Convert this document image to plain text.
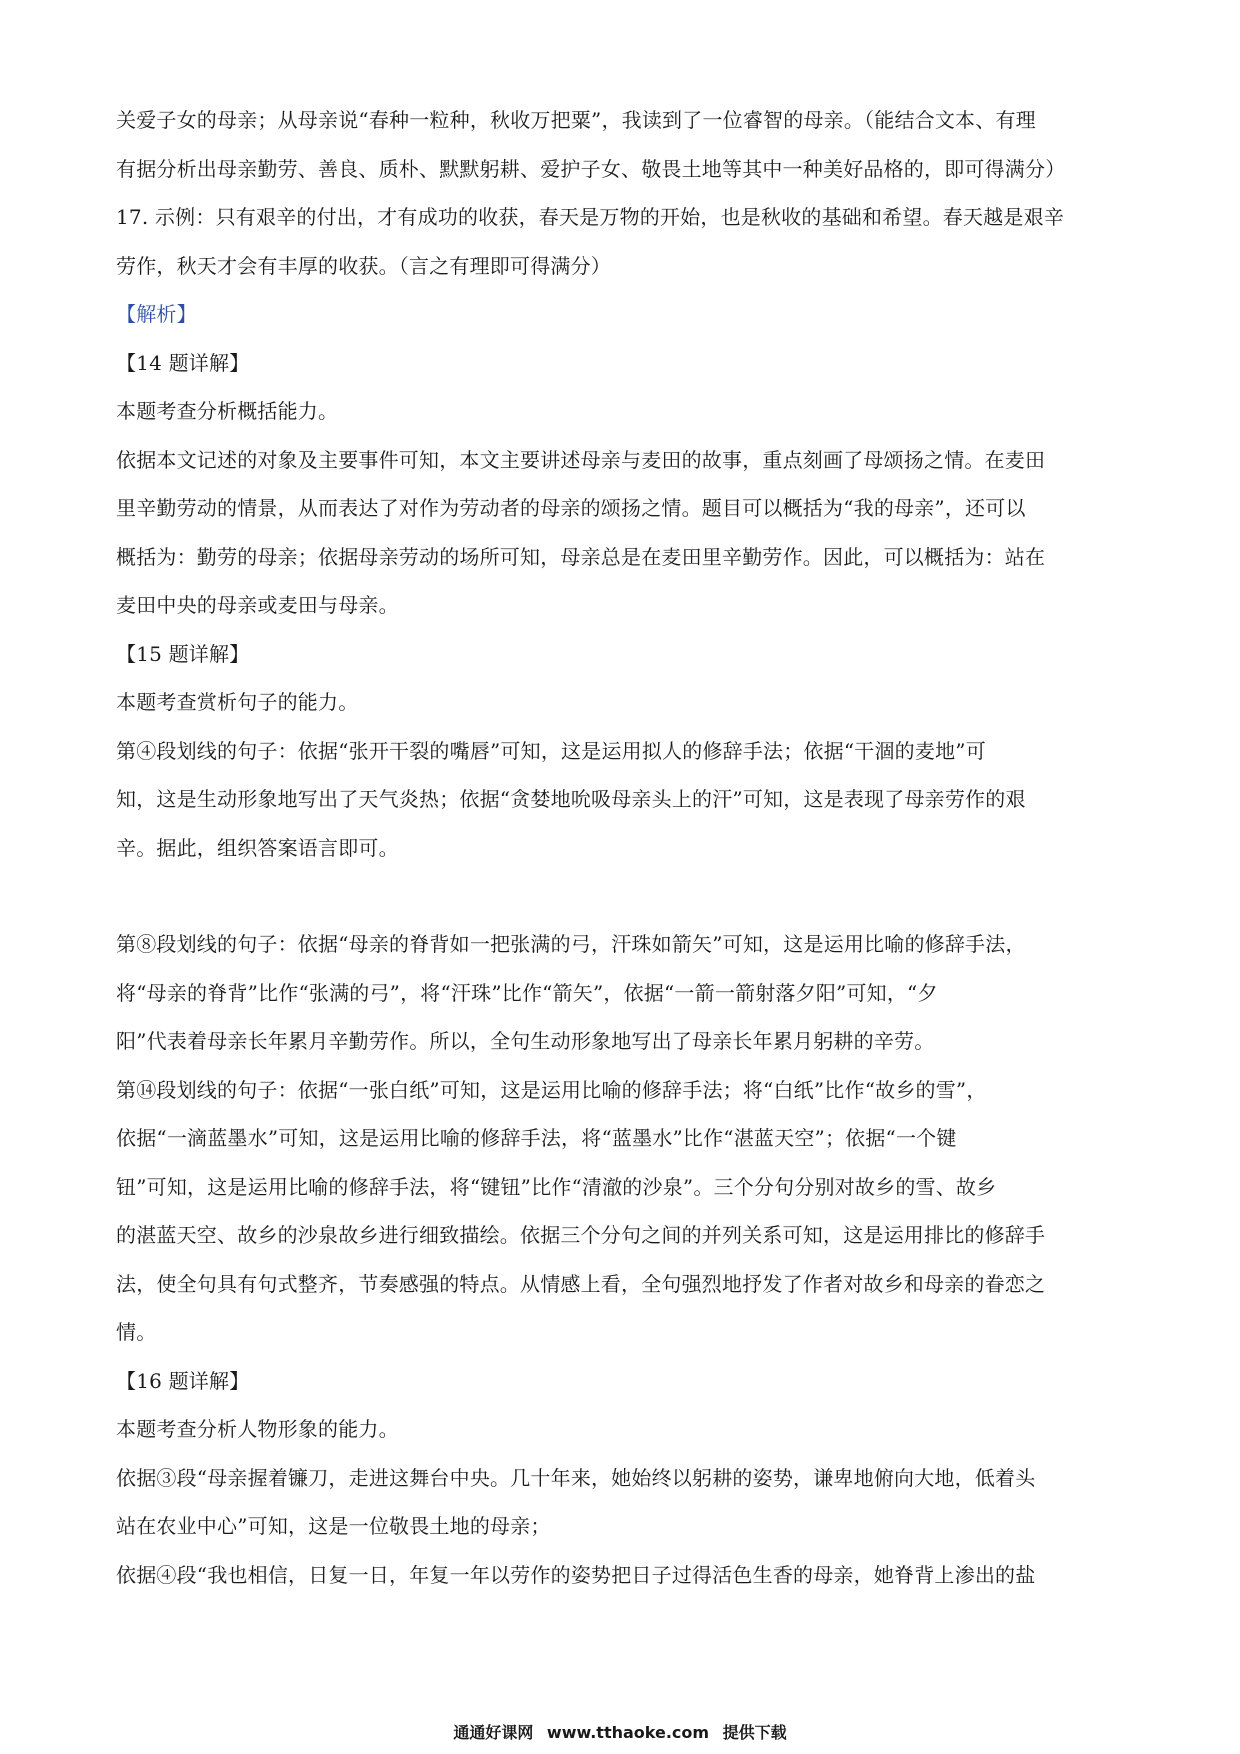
关爱子女的母亲；从母亲说“春种一粒种，秋收万把粟”，我读到了一位睿智的母亲。（能结合文本、有理

有据分析出母亲勤劳、善良、质朴、默默躬耕、爱护子女、敬畏土地等其中一种美好品格的，即可得满分）

17. 示例：只有艰辛的付出，才有成功的收获，春天是万物的开始，也是秋收的基础和希望。春天越是艰辛

劳作，秋天才会有丰厚的收获。（言之有理即可得满分）

【解析】

【14 题详解】

本题考查分析概括能力。

依据本文记述的对象及主要事件可知，本文主要讲述母亲与麦田的故事，重点刻画了母颂扬之情。在麦田

里辛勤劳动的情景，从而表达了对作为劳动者的母亲的颂扬之情。题目可以概括为“我的母亲”，还可以

概括为：勤劳的母亲；依据母亲劳动的场所可知，母亲总是在麦田里辛勤劳作。因此，可以概括为：站在

麦田中央的母亲或麦田与母亲。

【15 题详解】

本题考查赏析句子的能力。

第④段划线的句子：依据“张开干裂的嘴唇”可知，这是运用拟人的修辞手法；依据“干涸的麦地”可

知，这是生动形象地写出了天气炎热；依据“贪婪地吮吸母亲头上的汗”可知，这是表现了母亲劳作的艰

辛。据此，组织答案语言即可。

第⑧段划线的句子：依据“母亲的脊背如一把张满的弓，汗珠如箭矢”可知，这是运用比喻的修辞手法，

将“母亲的脊背”比作“张满的弓”，将“汗珠”比作“箭矢”，依据“一箭一箭射落夕阳”可知，“夕

阳”代表着母亲长年累月辛勤劳作。所以，全句生动形象地写出了母亲长年累月躬耕的辛劳。

第⑭段划线的句子：依据“一张白纸”可知，这是运用比喻的修辞手法；将“白纸”比作“故乡的雪”，

依据“一滴蓝墨水”可知，这是运用比喻的修辞手法，将“蓝墨水”比作“湛蓝天空”；依据“一个键

钮”可知，这是运用比喻的修辞手法，将“键钮”比作“清澈的沙泉”。三个分句分别对故乡的雪、故乡

的湛蓝天空、故乡的沙泉故乡进行细致描绘。依据三个分句之间的并列关系可知，这是运用排比的修辞手

法，使全句具有句式整齐，节奏感强的特点。从情感上看，全句强烈地抒发了作者对故乡和母亲的眷恋之

情。

【16 题详解】

本题考查分析人物形象的能力。

依据③段“母亲握着镰刀，走进这舞台中央。几十年来，她始终以躬耕的姿势，谦卑地俯向大地，低着头

站在农业中心”可知，这是一位敬畏土地的母亲；

依据④段“我也相信，日复一日，年复一年以劳作的姿势把日子过得活色生香的母亲，她脊背上渗出的盐

通通好课网 www.tthaoke.com 提供下载
